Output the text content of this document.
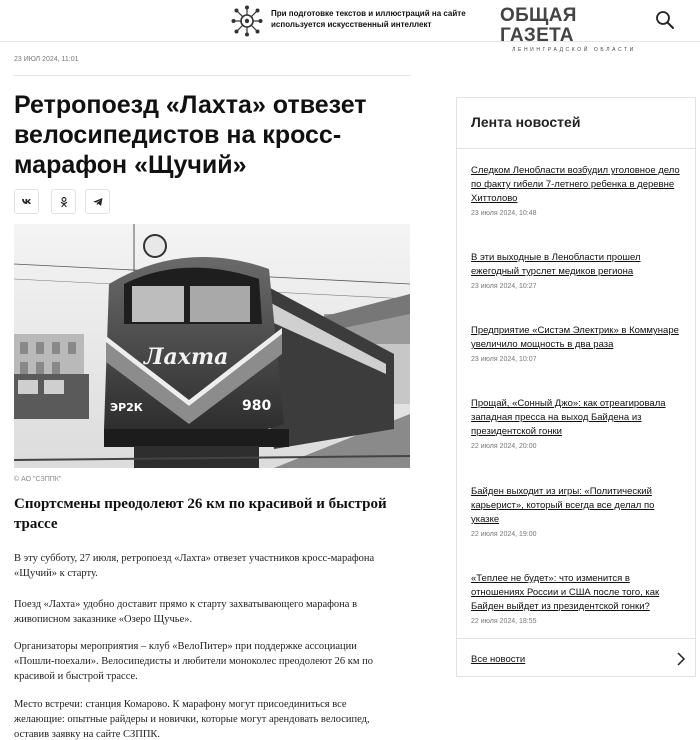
При подготовке текстов и иллюстраций на сайте используется искусственный интеллект	ОБЩАЯ ГАЗЕТА
ЛЕНИНГРАДСКОЙ ОБЛАСТИ
23 ИЮЛ 2024, 11:01
Ретропоезд «Лахта» отвезет велосипедистов на кросс-марафон «Щучий»
Лахта
ЭР2К	980
© АО "СЗППК"
Спортсмены преодолеют 26 км по красивой и быстрой трассе

В эту субботу, 27 июля, ретропоезд «Лахта» отвезет участников кросс-марафона «Щучий» к старту.

Поезд «Лахта» удобно доставит прямо к старту захватывающего марафона в живописном заказнике «Озеро Щучье».

Организаторы мероприятия – клуб «ВелоПитер» при поддержке ассоциации «Пошли-поехали». Велосипедисты и любители моноколес преодолеют 26 км по красивой и быстрой трассе.

Место встречи: станция Комарово. К марафону могут присоединиться все желающие: опытные райдеры и новички, которые могут арендовать велосипед, оставив заявку на сайте СЗППК.

Лента новостей
Следком Ленобласти возбудил уголовное дело по факту гибели 7-летнего ребенка в деревне Хиттолово
23 июля 2024, 10:48
В эти выходные в Ленобласти прошел ежегодный турслет медиков региона
23 июля 2024, 10:27
Предприятие «Систэм Электрик» в Коммунаре увеличило мощность в два раза
23 июля 2024, 10:07
Прощай, «Сонный Джо»: как отреагировала западная пресса на выход Байдена из президентской гонки
22 июля 2024, 20:00
Байден выходит из игры: «Политический карьерист», который всегда все делал по указке
22 июля 2024, 19:00
«Теплее не будет»: что изменится в отношениях России и США после того, как Байден выйдет из президентской гонки?
22 июля 2024, 18:55
Все новости
